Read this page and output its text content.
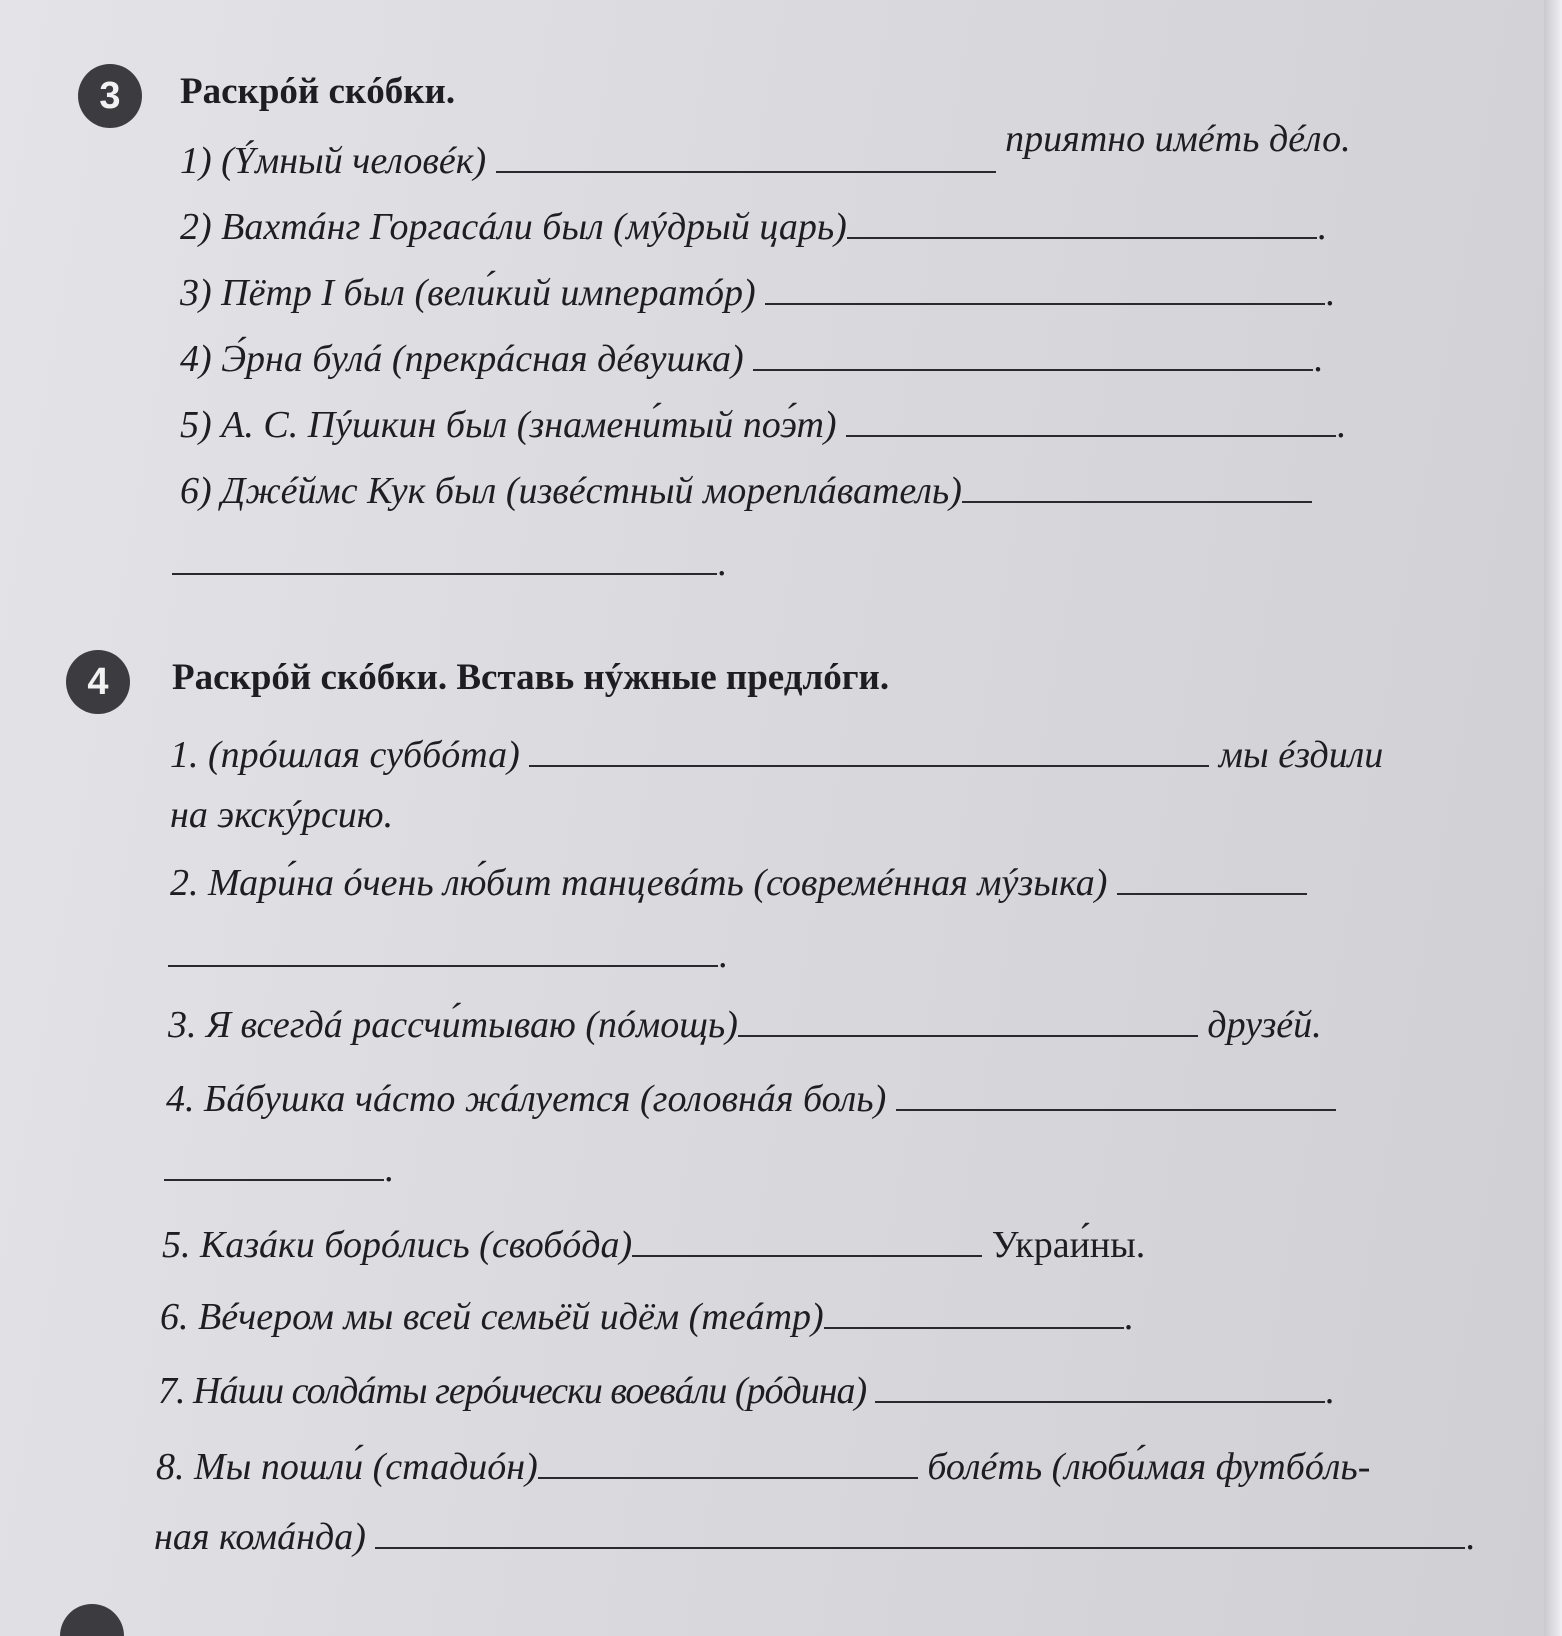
3 Раскрóй скóбки.
1) (Ýмный человéк)  приятно имéть дéло.
2) Вахтáнг Горгасáли был (мýдрый царь)	.
3) Пётр I был (вели́кий императóр)	.
4) Э́рна булá (прекрáсная дéвушка)	.
5) А. С. Пýшкин был (знамени́тый поэ́т)	.
6) Джéймс Кук был (извéстный мореплáватель)
.
4 Раскрóй скóбки. Вставь нýжные предлóги.
1. (прóшлая суббóта)	мы éздили
на экскýрсию.
2. Мари́на óчень лю́бит танцевáть (совремéнная мýзыка)
.
3. Я всегдá рассчи́тываю (пóмощь)	друзéй.
4. Бáбушка чáсто жáлуется (головнáя боль)
.
5. Казáки борóлись (свобóда)	Украи́ны.
6. Вéчером мы всей семьёй идём (теáтр)	.
7. Нáши солдáты герóически воевáли (рóдина)	.
8. Мы пошли́ (стадиóн)	болéть (люби́мая футбóль-
ная комáнда)	.
